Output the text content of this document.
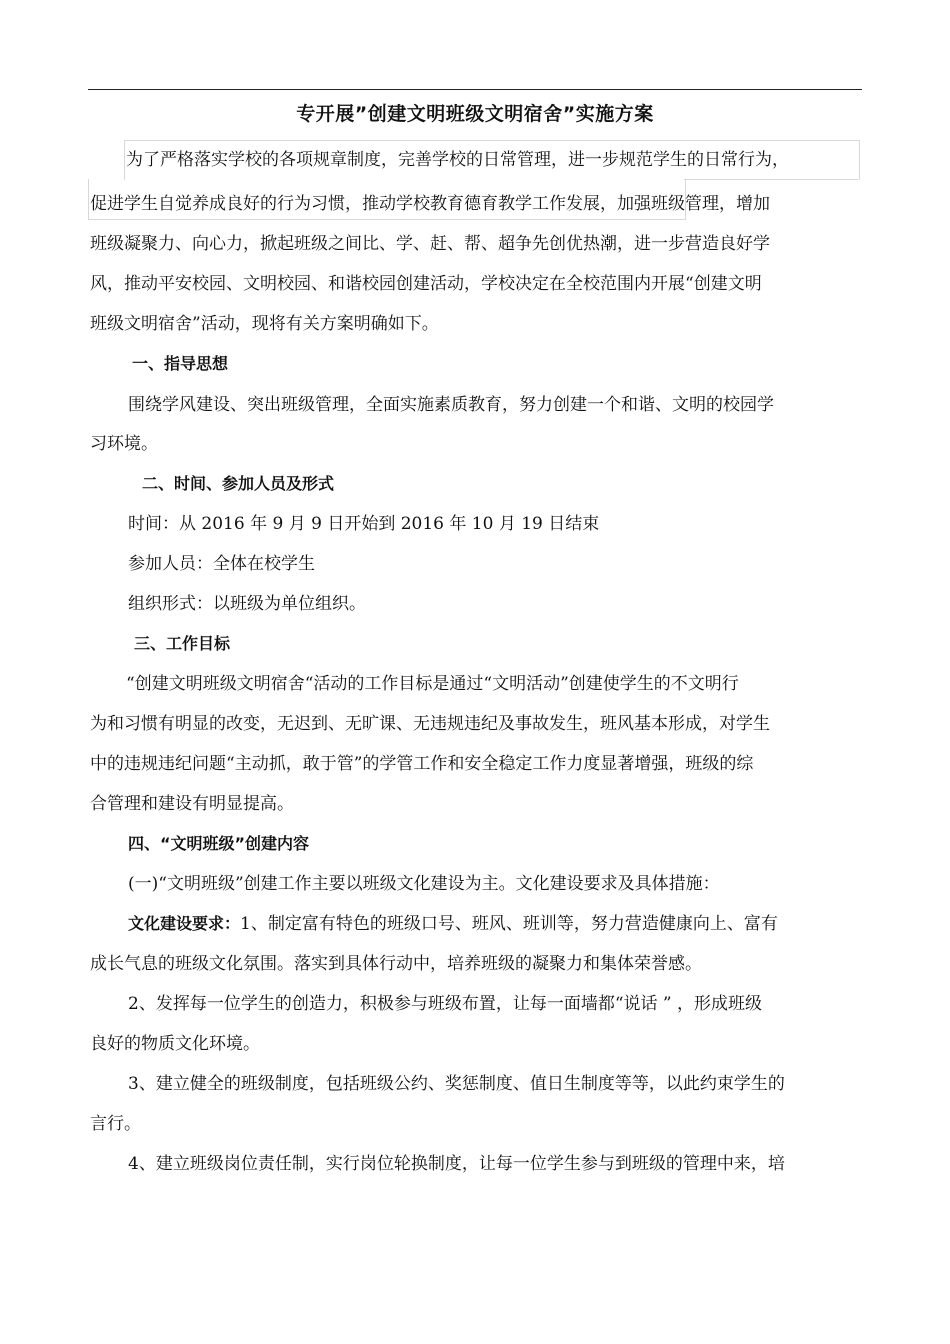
专开展”创建文明班级文明宿舍”实施方案
为了严格落实学校的各项规章制度，完善学校的日常管理，进一步规范学生的日常行为，
促进学生自觉养成良好的行为习惯，推动学校教育德育教学工作发展，加强班级管理，增加
班级凝聚力、向心力，掀起班级之间比、学、赶、帮、超争先创优热潮，进一步营造良好学
风，推动平安校园、文明校园、和谐校园创建活动，学校决定在全校范围内开展“创建文明
班级文明宿舍”活动，现将有关方案明确如下。
一、指导思想
围绕学风建设、突出班级管理，全面实施素质教育，努力创建一个和谐、文明的校园学
习环境。
二、时间、参加人员及形式
时间：从 2016 年 9 月 9 日开始到 2016 年 10 月 19 日结束
参加人员：全体在校学生
组织形式：以班级为单位组织。
三、工作目标
“创建文明班级文明宿舍“活动的工作目标是通过“文明活动”创建使学生的不文明行
为和习惯有明显的改变，无迟到、无旷课、无违规违纪及事故发生，班风基本形成，对学生
中的违规违纪问题“主动抓，敢于管”的学管工作和安全稳定工作力度显著增强，班级的综
合管理和建设有明显提高。
四、“文明班级”创建内容
(一)“文明班级”创建工作主要以班级文化建设为主。文化建设要求及具体措施：
文化建设要求：1、制定富有特色的班级口号、班风、班训等，努力营造健康向上、富有
成长气息的班级文化氛围。落实到具体行动中，培养班级的凝聚力和集体荣誉感。
2、发挥每一位学生的创造力，积极参与班级布置，让每一面墙都“说话 ” ，形成班级
良好的物质文化环境。
3、建立健全的班级制度，包括班级公约、奖惩制度、值日生制度等等，以此约束学生的
言行。
4、建立班级岗位责任制，实行岗位轮换制度，让每一位学生参与到班级的管理中来，培
